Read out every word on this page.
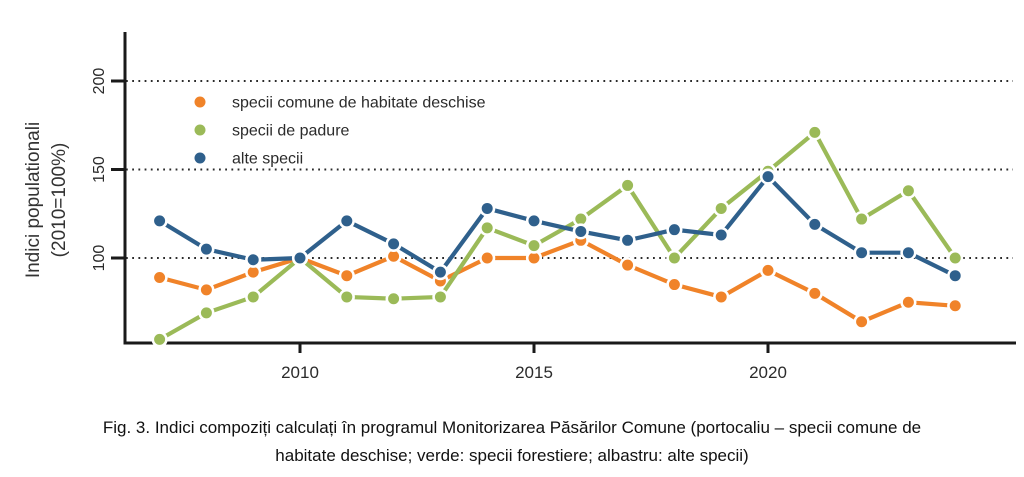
100
150
200
2010	2015	2020
Indici populationali (2010=100%)
specii comune de habitate deschise
specii de padure
alte specii
Fig. 3. Indici compoziți calculați în programul Monitorizarea Păsărilor Comune (portocaliu – specii comune de
habitate deschise; verde: specii forestiere; albastru: alte specii)
